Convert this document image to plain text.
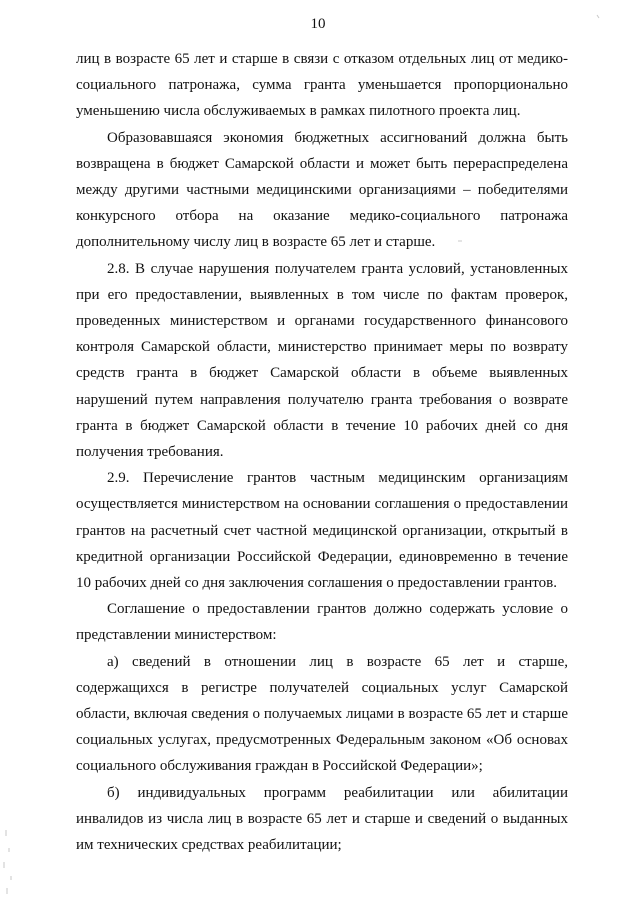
10

лиц в возрасте 65 лет и старше в связи с отказом отдельных лиц от медико-социального патронажа, сумма гранта уменьшается пропорционально уменьшению числа обслуживаемых в рамках пилотного проекта лиц.

Образовавшаяся экономия бюджетных ассигнований должна быть возвращена в бюджет Самарской области и может быть перераспределена между другими частными медицинскими организациями – победителями конкурсного отбора на оказание медико-социального патронажа дополнительному числу лиц в возрасте 65 лет и старше.

2.8. В случае нарушения получателем гранта условий, установленных при его предоставлении, выявленных в том числе по фактам проверок, проведенных министерством и органами государственного финансового контроля Самарской области, министерство принимает меры по возврату средств гранта в бюджет Самарской области в объеме выявленных нарушений путем направления получателю гранта требования о возврате гранта в бюджет Самарской области в течение 10 рабочих дней со дня получения требования.

2.9. Перечисление грантов частным медицинским организациям осуществляется министерством на основании соглашения о предоставлении грантов на расчетный счет частной медицинской организации, открытый в кредитной организации Российской Федерации, единовременно в течение 10 рабочих дней со дня заключения соглашения о предоставлении грантов.

Соглашение о предоставлении грантов должно содержать условие о представлении министерством:

а) сведений в отношении лиц в возрасте 65 лет и старше, содержащихся в регистре получателей социальных услуг Самарской области, включая сведения о получаемых лицами в возрасте 65 лет и старше социальных услугах, предусмотренных Федеральным законом «Об основах социального обслуживания граждан в Российской Федерации»;

б) индивидуальных программ реабилитации или абилитации инвалидов из числа лиц в возрасте 65 лет и старше и сведений о выданных им технических средствах реабилитации;
